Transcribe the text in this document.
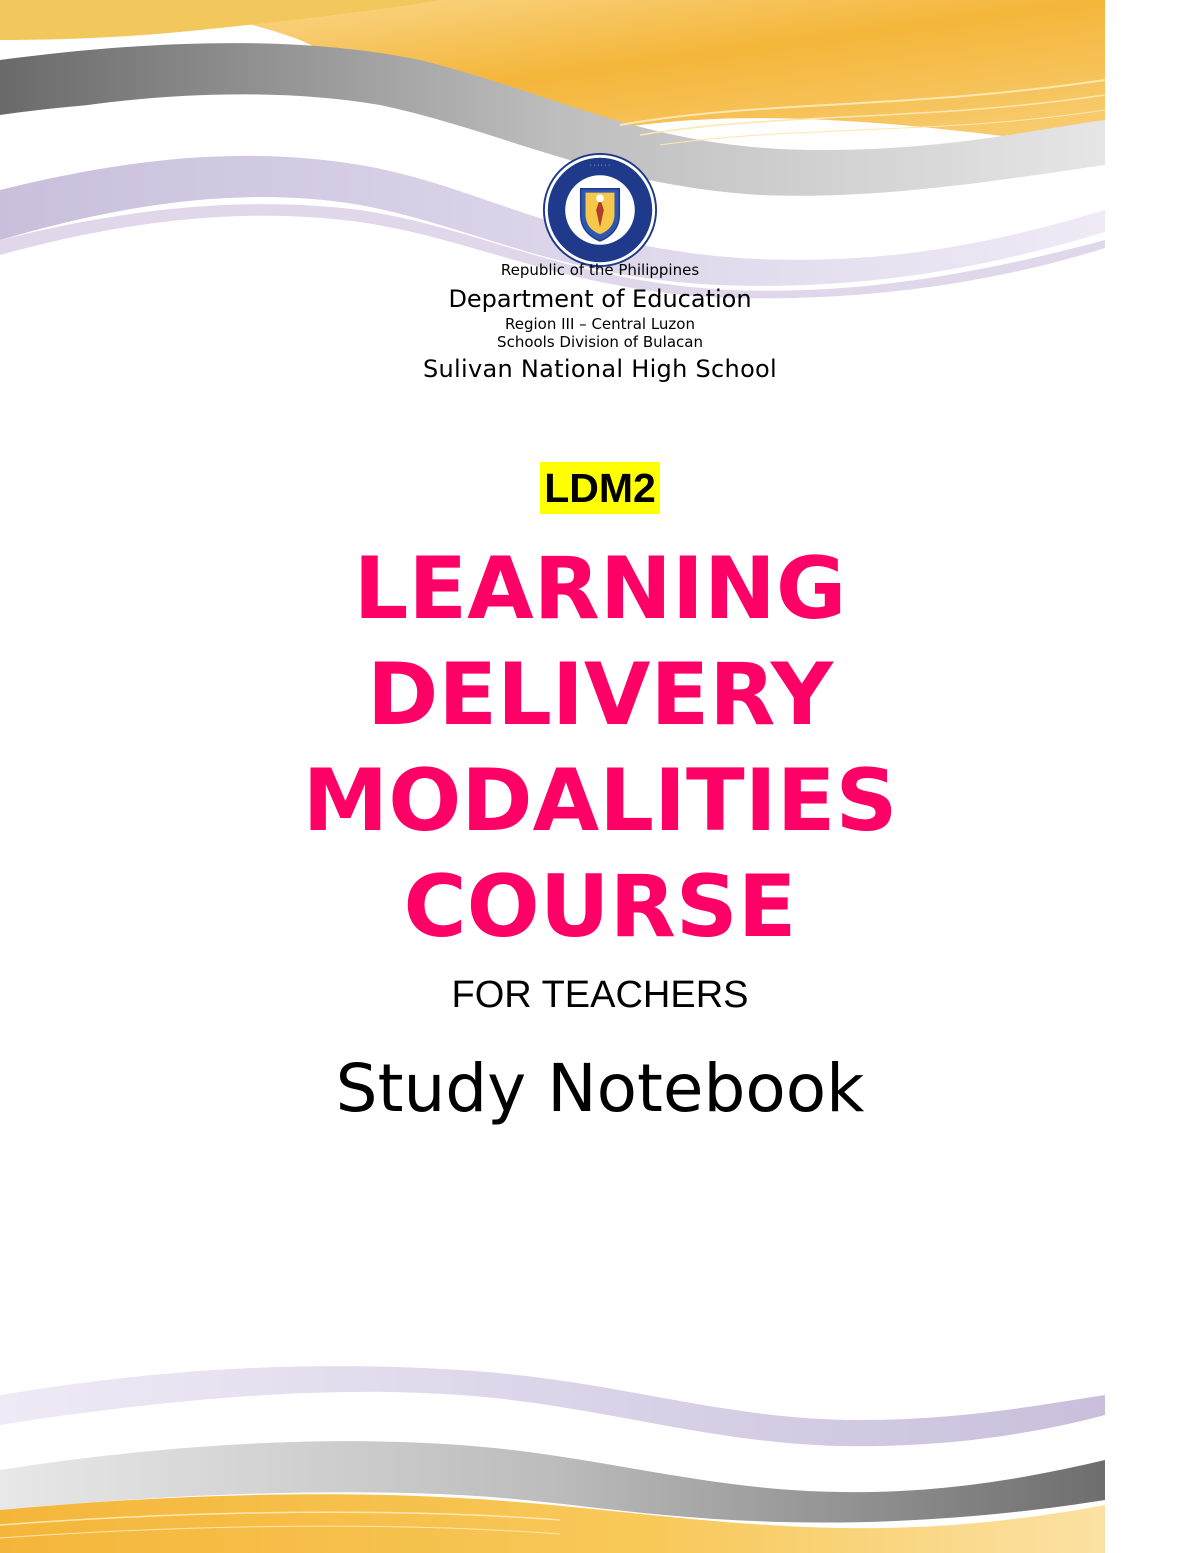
· · · · · ·
Republic of the Philippines
Department of Education
Region III – Central Luzon
Schools Division of Bulacan
Sulivan National High School
LDM2
LEARNING
DELIVERY
MODALITIES
COURSE
FOR TEACHERS
Study Notebook
